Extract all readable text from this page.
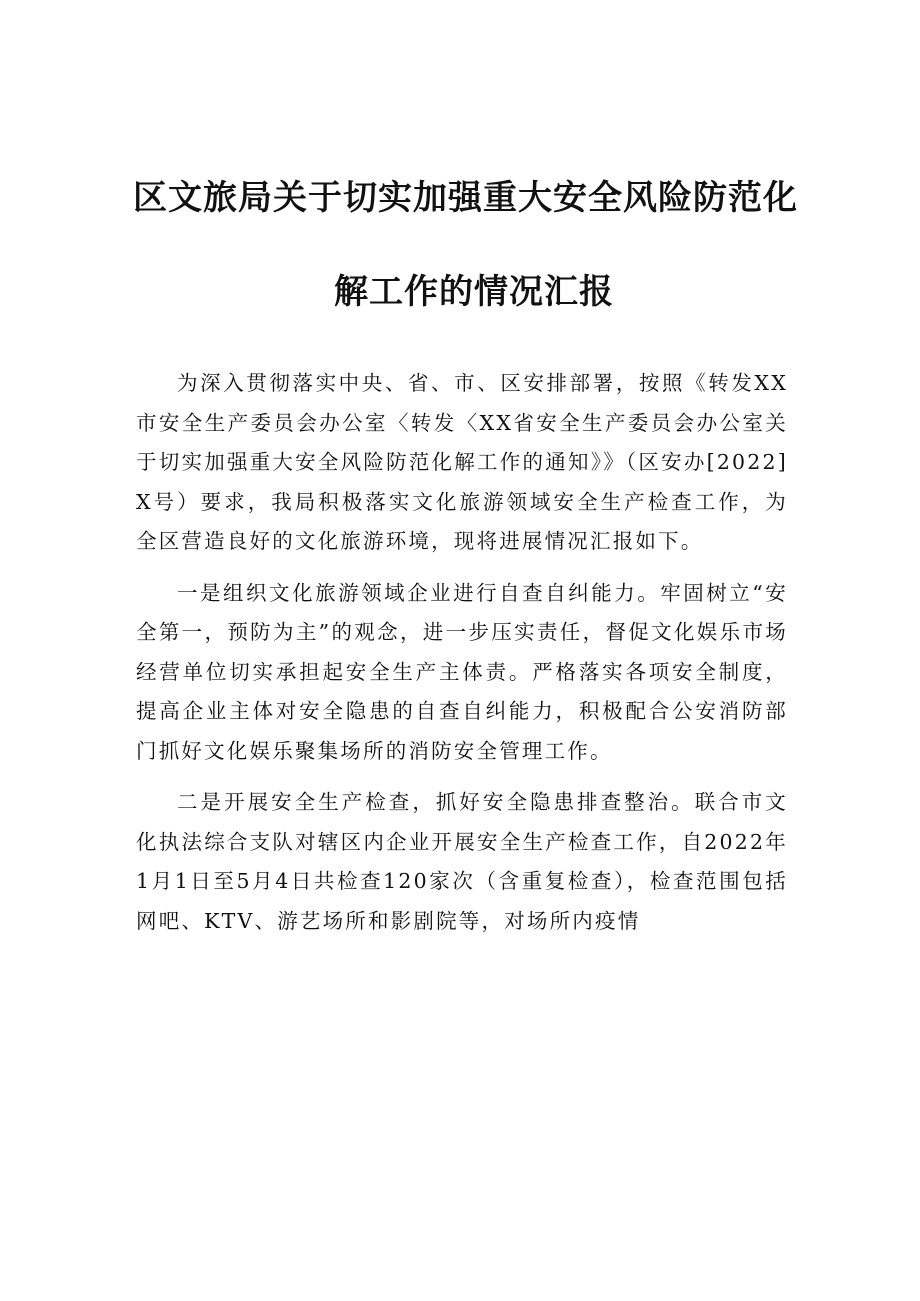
区文旅局关于切实加强重大安全风险防范化
解工作的情况汇报

为深入贯彻落实中央、省、市、区安排部署，按照《转发XX市安全生产委员会办公室〈转发〈XX省安全生产委员会办公室关于切实加强重大安全风险防范化解工作的通知》》（区安办[2022]X号）要求，我局积极落实文化旅游领域安全生产检查工作，为全区营造良好的文化旅游环境，现将进展情况汇报如下。

一是组织文化旅游领域企业进行自查自纠能力。牢固树立“安全第一，预防为主”的观念，进一步压实责任，督促文化娱乐市场经营单位切实承担起安全生产主体责。严格落实各项安全制度，提高企业主体对安全隐患的自查自纠能力，积极配合公安消防部门抓好文化娱乐聚集场所的消防安全管理工作。

二是开展安全生产检查，抓好安全隐患排查整治。联合市文化执法综合支队对辖区内企业开展安全生产检查工作，自2022年1月1日至5月4日共检查120家次（含重复检查），检查范围包括网吧、KTV、游艺场所和影剧院等，对场所内疫情
